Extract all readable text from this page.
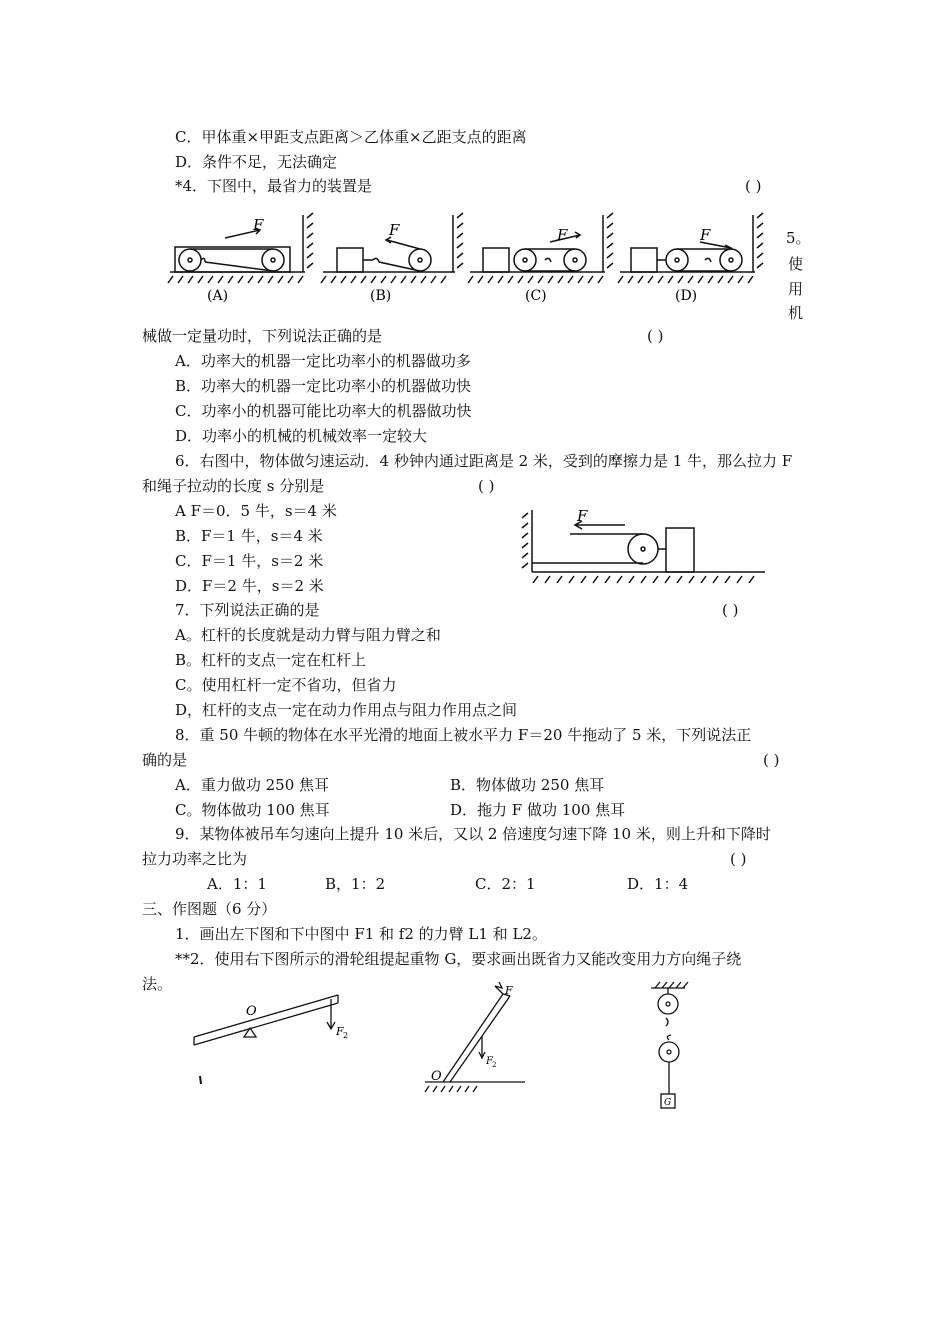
C．甲体重×甲距支点距离＞乙体重×乙距支点的距离
D．条件不足，无法确定
*4．下图中，最省力的装置是	( )
F
(A)
F
(B)
F
(C)
F
(D)
5。
使
用
机
械做一定量功时，下列说法正确的是	( )
A．功率大的机器一定比功率小的机器做功多
B．功率大的机器一定比功率小的机器做功快
C．功率小的机器可能比功率大的机器做功快
D．功率小的机械的机械效率一定较大
6．右图中，物体做匀速运动．4 秒钟内通过距离是 2 米，受到的摩擦力是 1 牛，那么拉力 F
和绳子拉动的长度 s 分别是	( )
A F＝0．5 牛，s＝4 米
B．F＝1 牛，s＝4 米
C．F＝1 牛，s＝2 米
D．F＝2 牛，s＝2 米
F
7．下列说法正确的是	( )
A。杠杆的长度就是动力臂与阻力臂之和
B。杠杆的支点一定在杠杆上
C。使用杠杆一定不省功，但省力
D，杠杆的支点一定在动力作用点与阻力作用点之间
8．重 50 牛顿的物体在水平光滑的地面上被水平力 F＝20 牛拖动了 5 米，下列说法正
确的是	( )
A．重力做功 250 焦耳	B．物体做功 250 焦耳
C。物体做功 100 焦耳	D．拖力 F 做功 100 焦耳
9．某物体被吊车匀速向上提升 10 米后，又以 2 倍速度匀速下降 10 米，则上升和下降时
拉力功率之比为	( )
A．1：1	B，1：2	C．2：1	D．1：4
三、作图题（6 分）
1．画出左下图和下中图中 F1 和 f2 的力臂 L1 和 L2。
**2．使用右下图所示的滑轮组提起重物 G，要求画出既省力又能改变用力方向绳子绕
法。
O
F 2
F
O
F 2
G
